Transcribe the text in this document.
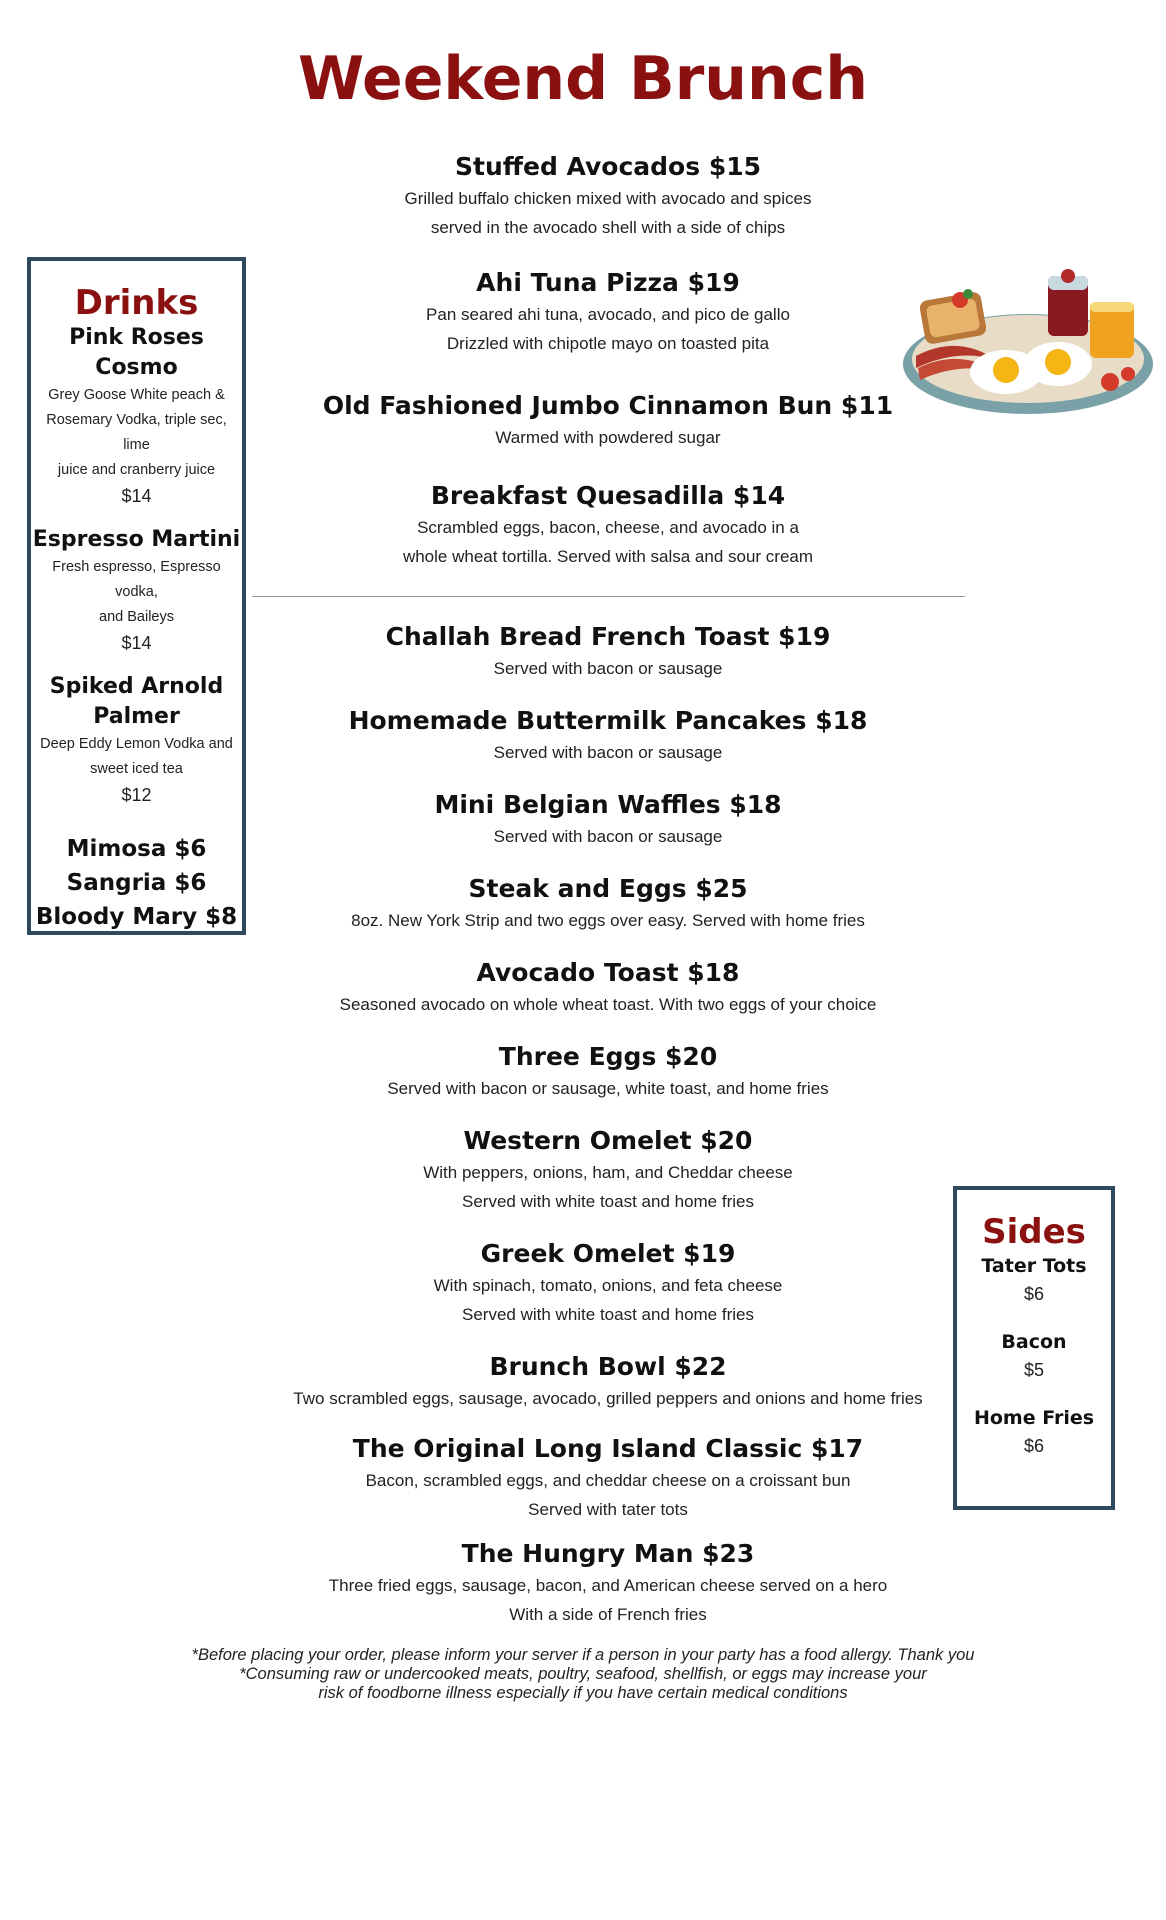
Weekend Brunch
Stuffed Avocados $15
Grilled buffalo chicken mixed with avocado and spices
served in the avocado shell with a side of chips
Ahi Tuna Pizza $19
Pan seared ahi tuna, avocado, and pico de gallo
Drizzled with chipotle mayo on toasted pita
Old Fashioned Jumbo Cinnamon Bun $11
Warmed with powdered sugar
Breakfast Quesadilla $14
Scrambled eggs, bacon, cheese, and avocado in a
whole wheat tortilla. Served with salsa and sour cream
Challah Bread French Toast $19
Served with bacon or sausage
Homemade Buttermilk Pancakes $18
Served with bacon or sausage
Mini Belgian Waffles $18
Served with bacon or sausage
Steak and Eggs $25
8oz. New York Strip and two eggs over easy. Served with home fries
Avocado Toast $18
Seasoned avocado on whole wheat toast. With two eggs of your choice
Three Eggs $20
Served with bacon or sausage, white toast, and home fries
Western Omelet $20
With peppers, onions, ham, and Cheddar cheese
Served with white toast and home fries
Greek Omelet $19
With spinach, tomato, onions, and feta cheese
Served with white toast and home fries
Brunch Bowl $22
Two scrambled eggs, sausage, avocado, grilled peppers and onions and home fries
The Original Long Island Classic $17
Bacon, scrambled eggs, and cheddar cheese on a croissant bun
Served with tater tots
The Hungry Man $23
Three fried eggs, sausage, bacon, and American cheese served on a hero
With a side of French fries
Drinks
Pink Roses Cosmo
Grey Goose White peach &
Rosemary Vodka, triple sec, lime
juice and cranberry juice
$14
Espresso Martini
Fresh espresso, Espresso vodka,
and Baileys
$14
Spiked Arnold Palmer
Deep Eddy Lemon Vodka and
sweet iced tea
$12
Mimosa $6
Sangria $6
Bloody Mary $8
Sides
Tater Tots
$6
Bacon
$5
Home Fries
$6
*Before placing your order, please inform your server if a person in your party has a food allergy. Thank you
*Consuming raw or undercooked meats, poultry, seafood, shellfish, or eggs may increase your
risk of foodborne illness especially if you have certain medical conditions
